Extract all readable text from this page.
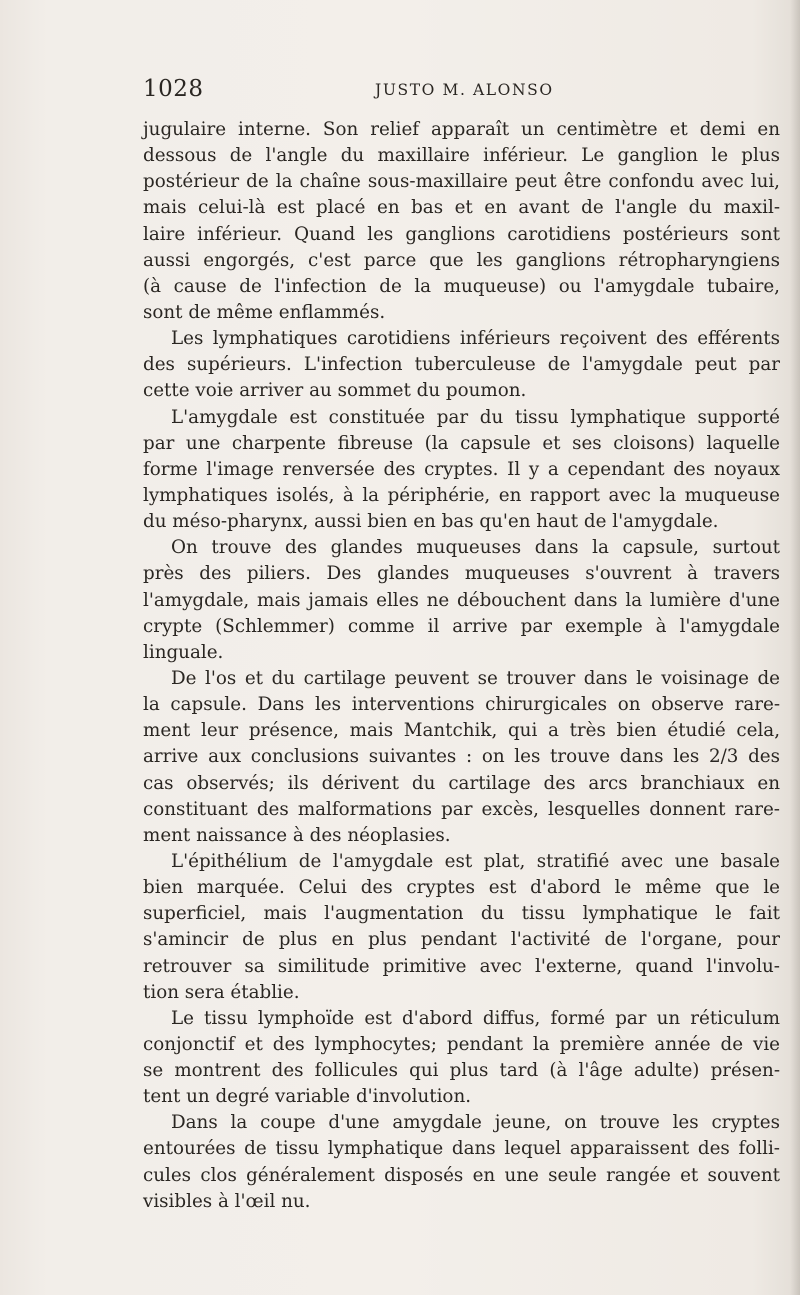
1028	JUSTO M. ALONSO
jugulaire interne. Son relief apparaît un centimètre et demi en
dessous de l'angle du maxillaire inférieur. Le ganglion le plus
postérieur de la chaîne sous-maxillaire peut être confondu avec lui,
mais celui-là est placé en bas et en avant de l'angle du maxil-
laire inférieur. Quand les ganglions carotidiens postérieurs sont
aussi engorgés, c'est parce que les ganglions rétropharyngiens
(à cause de l'infection de la muqueuse) ou l'amygdale tubaire,
sont de même enflammés.
Les lymphatiques carotidiens inférieurs reçoivent des efférents
des supérieurs. L'infection tuberculeuse de l'amygdale peut par
cette voie arriver au sommet du poumon.
L'amygdale est constituée par du tissu lymphatique supporté
par une charpente fibreuse (la capsule et ses cloisons) laquelle
forme l'image renversée des cryptes. Il y a cependant des noyaux
lymphatiques isolés, à la périphérie, en rapport avec la muqueuse
du méso-pharynx, aussi bien en bas qu'en haut de l'amygdale.
On trouve des glandes muqueuses dans la capsule, surtout
près des piliers. Des glandes muqueuses s'ouvrent à travers
l'amygdale, mais jamais elles ne débouchent dans la lumière d'une
crypte (Schlemmer) comme il arrive par exemple à l'amygdale
linguale.
De l'os et du cartilage peuvent se trouver dans le voisinage de
la capsule. Dans les interventions chirurgicales on observe rare-
ment leur présence, mais Mantchik, qui a très bien étudié cela,
arrive aux conclusions suivantes : on les trouve dans les 2/3 des
cas observés; ils dérivent du cartilage des arcs branchiaux en
constituant des malformations par excès, lesquelles donnent rare-
ment naissance à des néoplasies.
L'épithélium de l'amygdale est plat, stratifié avec une basale
bien marquée. Celui des cryptes est d'abord le même que le
superficiel, mais l'augmentation du tissu lymphatique le fait
s'amincir de plus en plus pendant l'activité de l'organe, pour
retrouver sa similitude primitive avec l'externe, quand l'involu-
tion sera établie.
Le tissu lymphoïde est d'abord diffus, formé par un réticulum
conjonctif et des lymphocytes; pendant la première année de vie
se montrent des follicules qui plus tard (à l'âge adulte) présen-
tent un degré variable d'involution.
Dans la coupe d'une amygdale jeune, on trouve les cryptes
entourées de tissu lymphatique dans lequel apparaissent des folli-
cules clos généralement disposés en une seule rangée et souvent
visibles à l'œil nu.
